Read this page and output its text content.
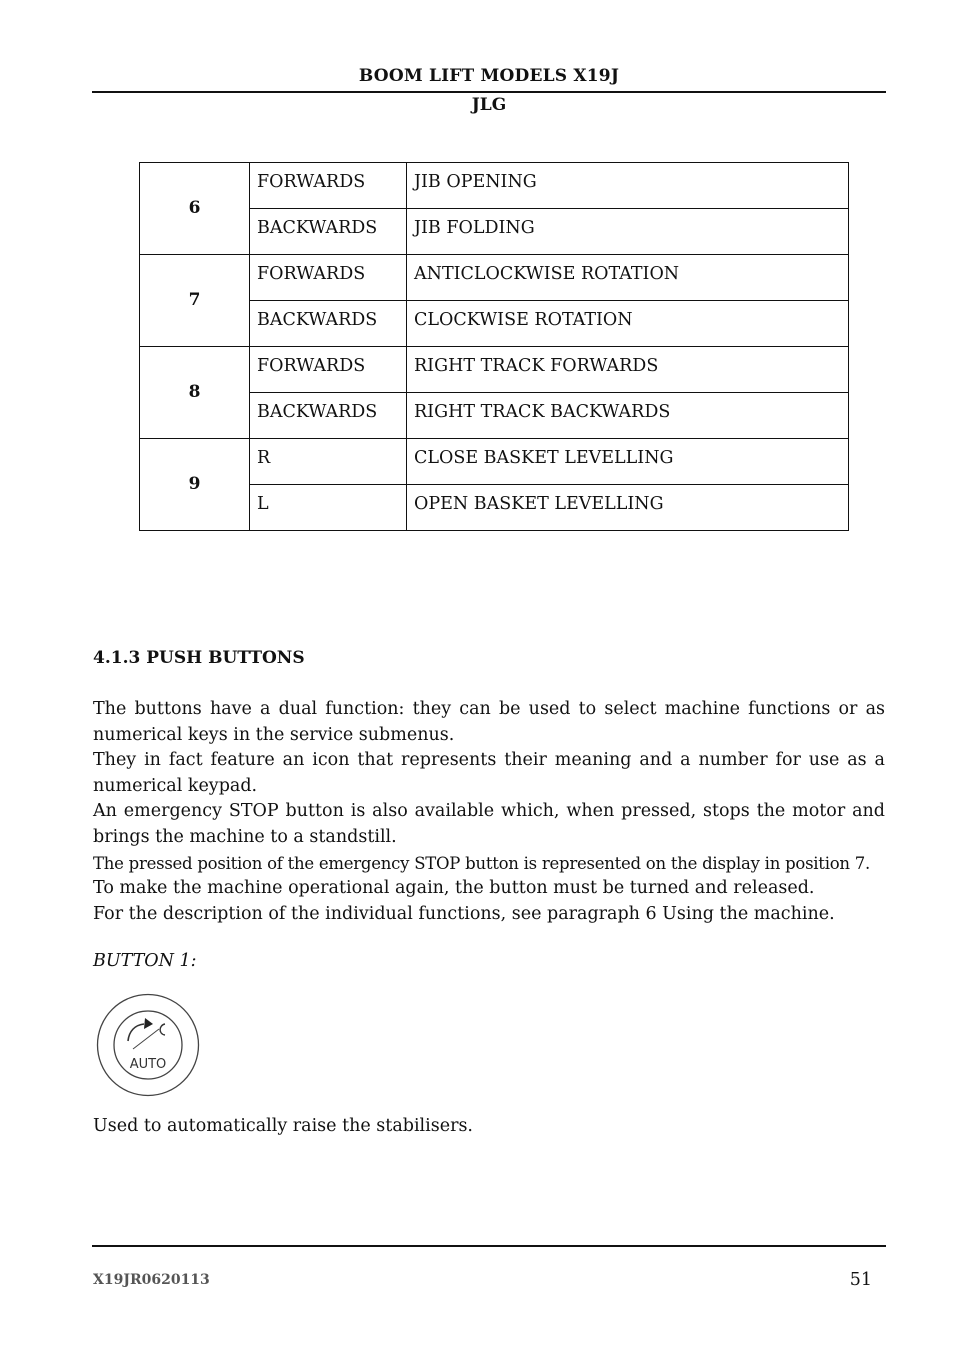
BOOM LIFT MODELS X19J
JLG
6	FORWARDS	JIB OPENING
	BACKWARDS	JIB FOLDING
7	FORWARDS	ANTICLOCKWISE ROTATION
	BACKWARDS	CLOCKWISE ROTATION
8	FORWARDS	RIGHT TRACK FORWARDS
	BACKWARDS	RIGHT TRACK BACKWARDS
9	R	CLOSE BASKET LEVELLING
	L	OPEN BASKET LEVELLING
4.1.3 PUSH BUTTONS

The buttons have a dual function: they can be used to select machine functions or as numerical keys in the service submenus.

They in fact feature an icon that represents their meaning and a number for use as a numerical keypad.

An emergency STOP button is also available which, when pressed, stops the motor and brings the machine to a standstill.

The pressed position of the emergency STOP button is represented on the display in position 7.

To make the machine operational again, the button must be turned and released.

For the description of the individual functions, see paragraph 6 Using the machine.

BUTTON 1:
AUTO
Used to automatically raise the stabilisers.
X19JR0620113	51
